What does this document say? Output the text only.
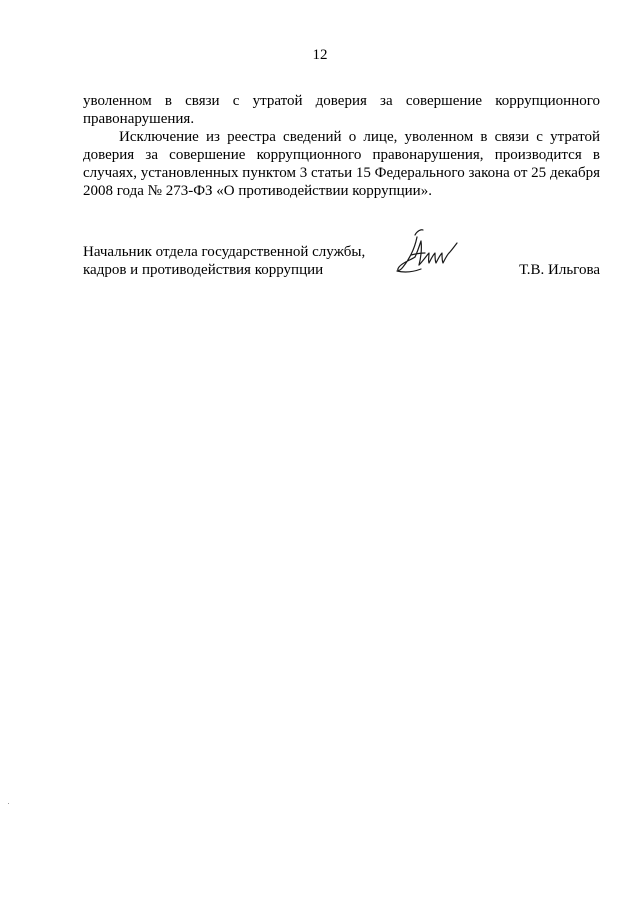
12

уволенном в связи с утратой доверия за совершение коррупционного правонарушения.

Исключение из реестра сведений о лице, уволенном в связи с утратой доверия за совершение коррупционного правонарушения, производится в случаях, установленных пунктом 3 статьи 15 Федерального закона от 25 декабря 2008 года № 273-ФЗ «О противодействии коррупции».

Начальник отдела государственной службы,
кадров и противодействия коррупции	Т.В. Ильгова
